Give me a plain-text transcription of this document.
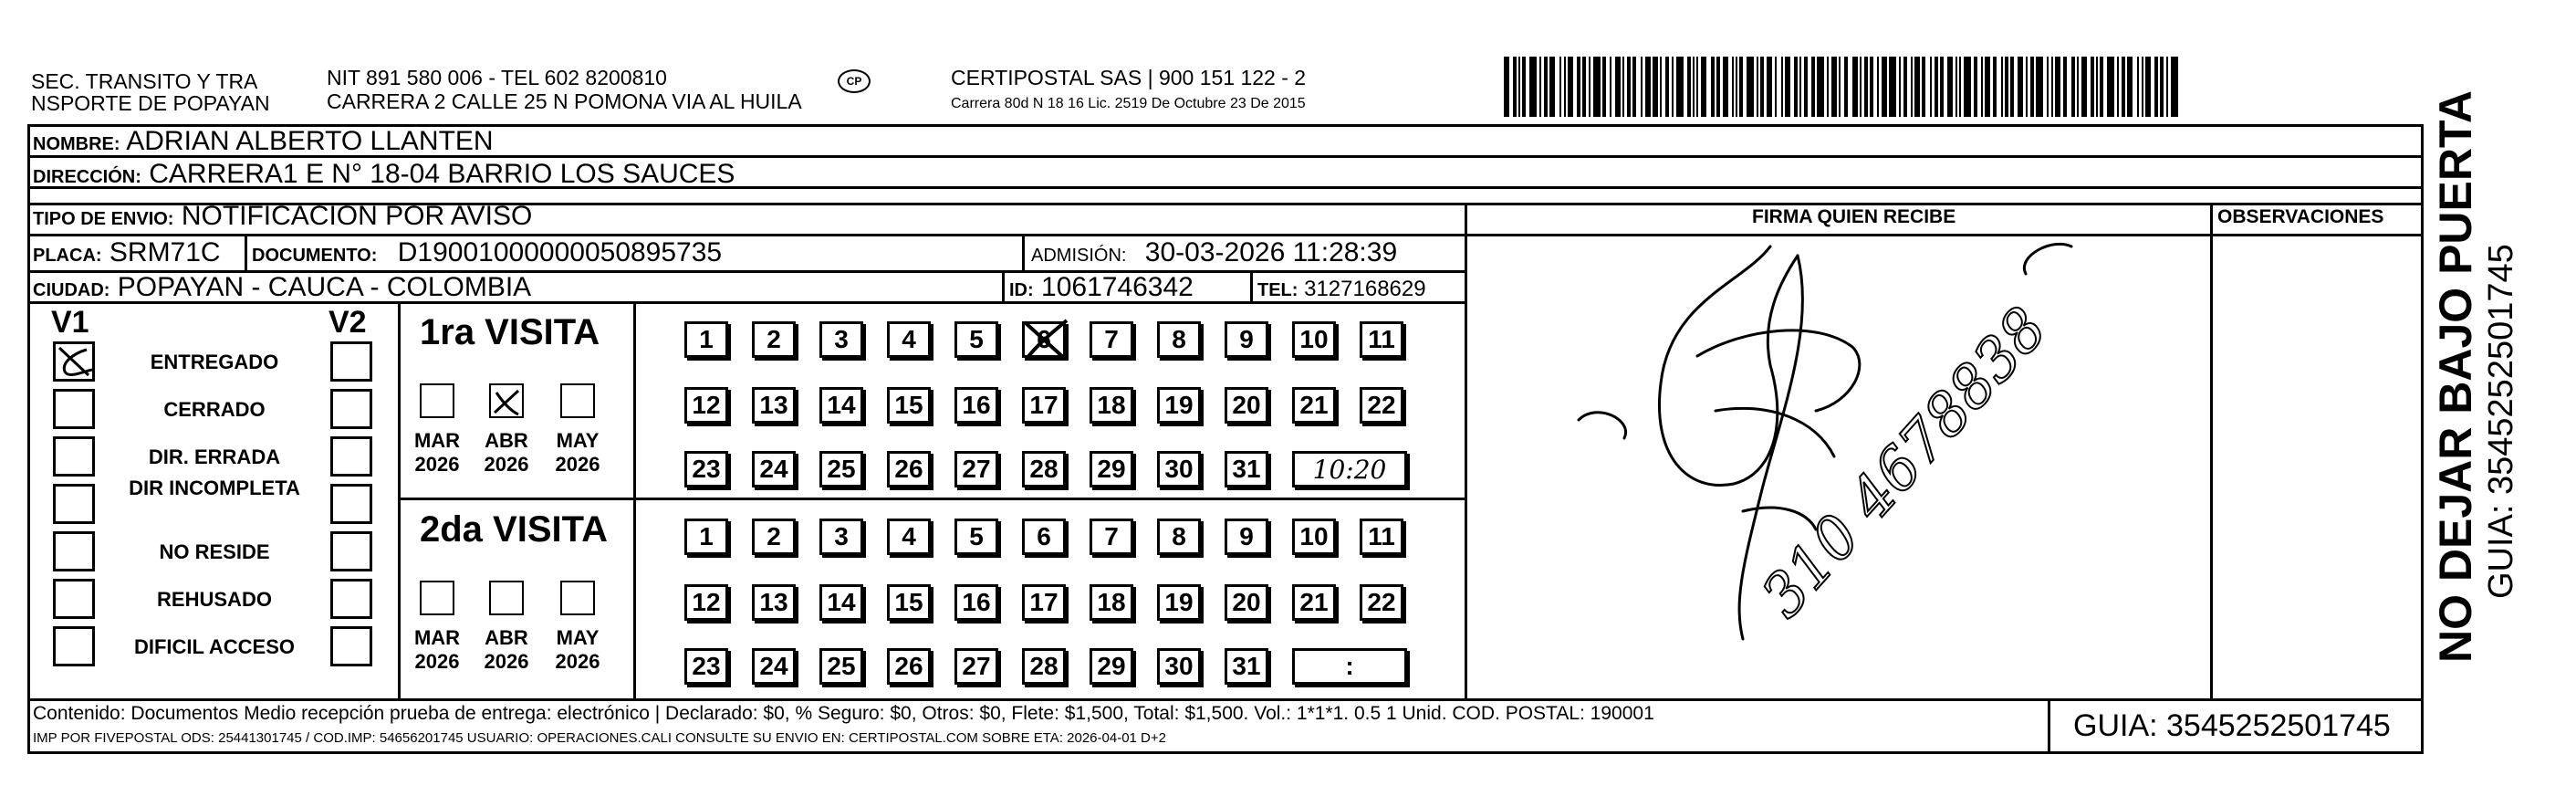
SEC. TRANSITO Y TRA
NSPORTE DE POPAYAN
NIT 891 580 006 - TEL 602 8200810
CARRERA 2 CALLE 25 N POMONA VIA AL HUILA
CP	CERTIPOSTAL SAS | 900 151 122 - 2
Carrera 80d N 18 16 Lic. 2519 De Octubre 23 De 2015
NOMBRE: ADRIAN ALBERTO LLANTEN
DIRECCIÓN: CARRERA1 E N° 18-04 BARRIO LOS SAUCES
TIPO DE ENVIO: NOTIFICACION POR AVISO
PLACA: SRM71C DOCUMENTO: D19001000000050895735	ADMISIÓN: 30-03-2026 11:28:39
CIUDAD: POPAYAN - CAUCA - COLOMBIA	ID: 1061746342	TEL: 3127168629
V1	V2
ENTREGADO
CERRADO
DIR. ERRADA
DIR INCOMPLETA
NO RESIDE
REHUSADO
DIFICIL ACCESO
1ra VISITA
MAR
2026
ABR
2026
MAY
2026
1 2 3 4 5 6 7 8 9 10 11
12 13 14 15 16 17 18 19 20 21 22
23 24 25 26 27 28 29 30 31 10:20
2da VISITA
MAR
2026
ABR
2026
MAY
2026
1 2 3 4 5 6 7 8 9 10 11
12 13 14 15 16 17 18 19 20 21 22
23 24 25 26 27 28 29 30 31	:
FIRMA QUIEN RECIBE	OBSERVACIONES
310 4678838
Contenido: Documentos Medio recepción prueba de entrega: electrónico | Declarado: $0, % Seguro: $0, Otros: $0, Flete: $1,500, Total: $1,500. Vol.: 1*1*1. 0.5 1 Unid. COD. POSTAL: 190001
IMP POR FIVEPOSTAL ODS: 25441301745 / COD.IMP: 54656201745 USUARIO: OPERACIONES.CALI CONSULTE SU ENVIO EN: CERTIPOSTAL.COM SOBRE ETA: 2026-04-01 D+2	GUIA: 3545252501745
NO DEJAR BAJO PUERTA GUIA: 3545252501745
